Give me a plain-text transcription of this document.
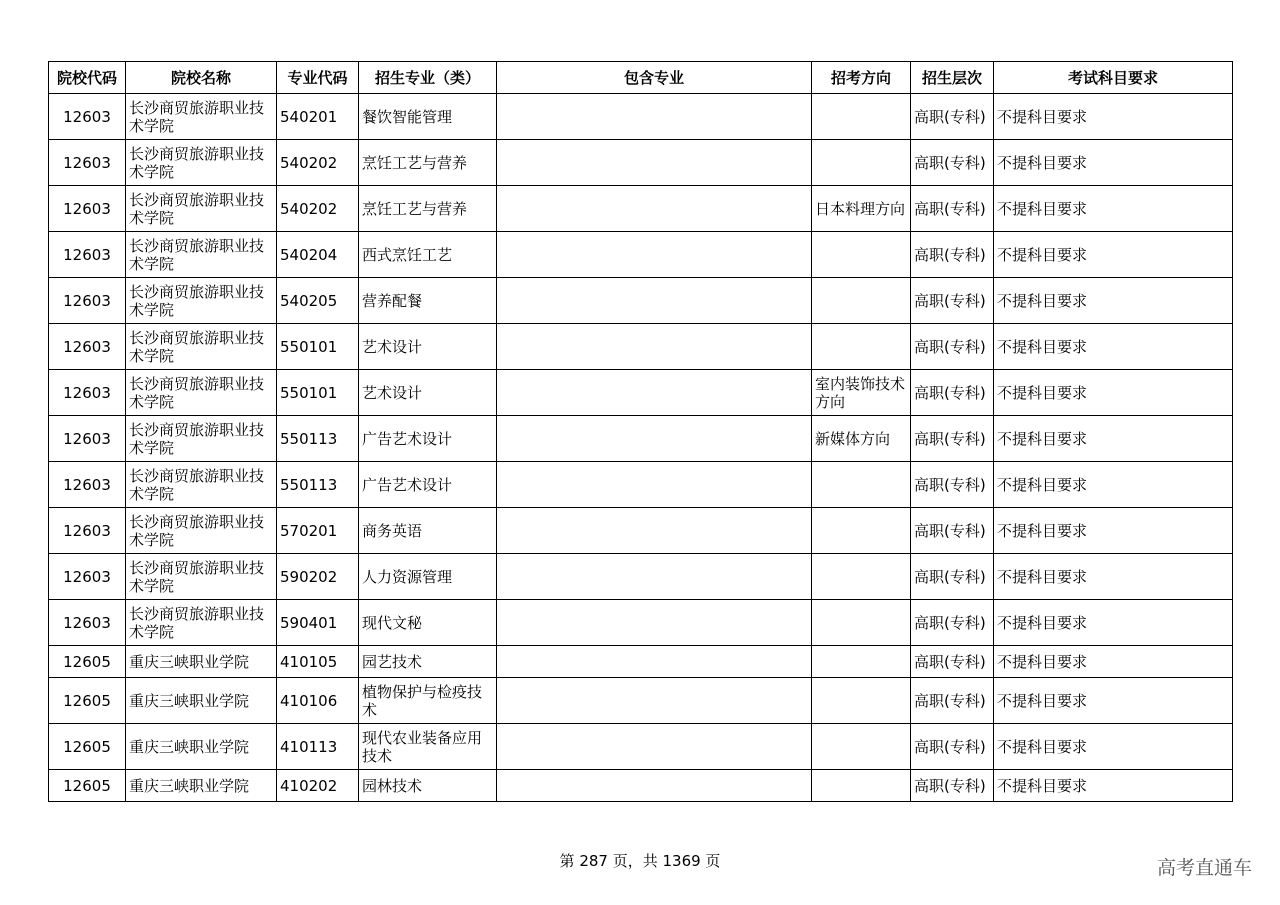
院校代码	院校名称	专业代码	招生专业（类）	包含专业	招考方向	招生层次	考试科目要求
12603	长沙商贸旅游职业技术学院	540201	餐饮智能管理			高职(专科)	不提科目要求
12603	长沙商贸旅游职业技术学院	540202	烹饪工艺与营养			高职(专科)	不提科目要求
12603	长沙商贸旅游职业技术学院	540202	烹饪工艺与营养		日本料理方向	高职(专科)	不提科目要求
12603	长沙商贸旅游职业技术学院	540204	西式烹饪工艺			高职(专科)	不提科目要求
12603	长沙商贸旅游职业技术学院	540205	营养配餐			高职(专科)	不提科目要求
12603	长沙商贸旅游职业技术学院	550101	艺术设计			高职(专科)	不提科目要求
12603	长沙商贸旅游职业技术学院	550101	艺术设计		室内装饰技术方向	高职(专科)	不提科目要求
12603	长沙商贸旅游职业技术学院	550113	广告艺术设计		新媒体方向	高职(专科)	不提科目要求
12603	长沙商贸旅游职业技术学院	550113	广告艺术设计			高职(专科)	不提科目要求
12603	长沙商贸旅游职业技术学院	570201	商务英语			高职(专科)	不提科目要求
12603	长沙商贸旅游职业技术学院	590202	人力资源管理			高职(专科)	不提科目要求
12603	长沙商贸旅游职业技术学院	590401	现代文秘			高职(专科)	不提科目要求
12605	重庆三峡职业学院	410105	园艺技术			高职(专科)	不提科目要求
12605	重庆三峡职业学院	410106	植物保护与检疫技术			高职(专科)	不提科目要求
12605	重庆三峡职业学院	410113	现代农业装备应用技术			高职(专科)	不提科目要求
12605	重庆三峡职业学院	410202	园林技术			高职(专科)	不提科目要求
第 287 页，共 1369 页	高考直通车
